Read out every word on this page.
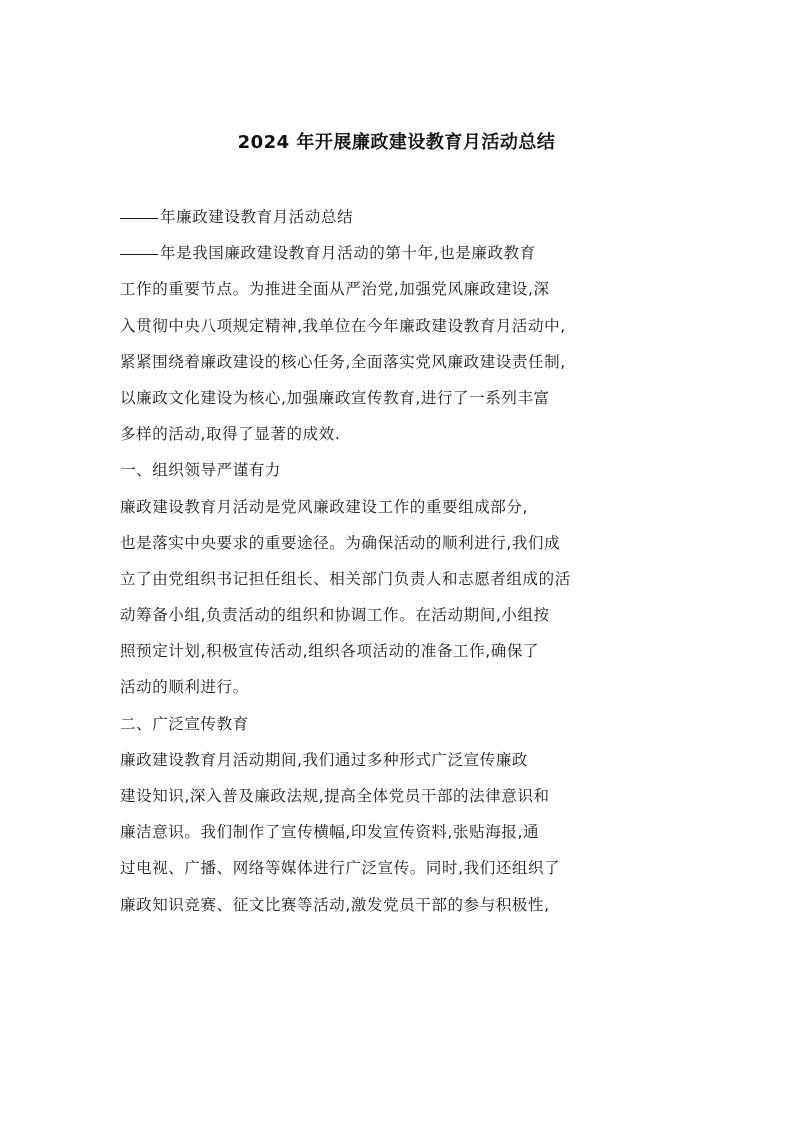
2024 年开展廉政建设教育月活动总结
年廉政建设教育月活动总结
年是我国廉政建设教育月活动的第十年,也是廉政教育
工作的重要节点。为推进全面从严治党,加强党风廉政建设,深
入贯彻中央八项规定精神,我单位在今年廉政建设教育月活动中,
紧紧围绕着廉政建设的核心任务,全面落实党风廉政建设责任制,
以廉政文化建设为核心,加强廉政宣传教育,进行了一系列丰富
多样的活动,取得了显著的成效.
一、组织领导严谨有力
廉政建设教育月活动是党风廉政建设工作的重要组成部分,
也是落实中央要求的重要途径。为确保活动的顺利进行,我们成
立了由党组织书记担任组长、相关部门负责人和志愿者组成的活
动筹备小组,负责活动的组织和协调工作。在活动期间,小组按
照预定计划,积极宣传活动,组织各项活动的准备工作,确保了
活动的顺利进行。
二、广泛宣传教育
廉政建设教育月活动期间,我们通过多种形式广泛宣传廉政
建设知识,深入普及廉政法规,提高全体党员干部的法律意识和
廉洁意识。我们制作了宣传横幅,印发宣传资料,张贴海报,通
过电视、广播、网络等媒体进行广泛宣传。同时,我们还组织了
廉政知识竞赛、征文比赛等活动,激发党员干部的参与积极性,
